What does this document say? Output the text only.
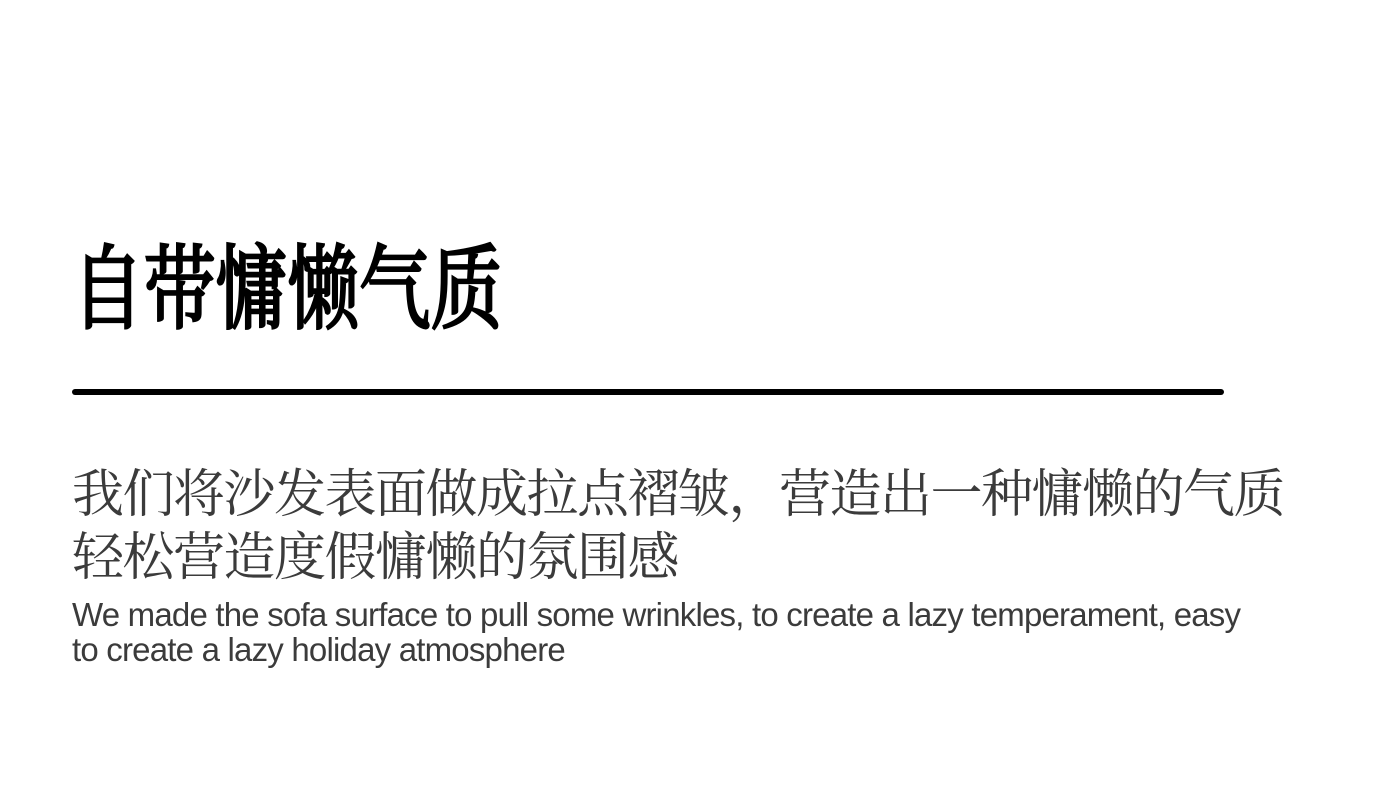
自带慵懒气质

我们将沙发表面做成拉点褶皱，营造出一种慵懒的气质
轻松营造度假慵懒的氛围感

We made the sofa surface to pull some wrinkles, to create a lazy temperament, easy
to create a lazy holiday atmosphere
